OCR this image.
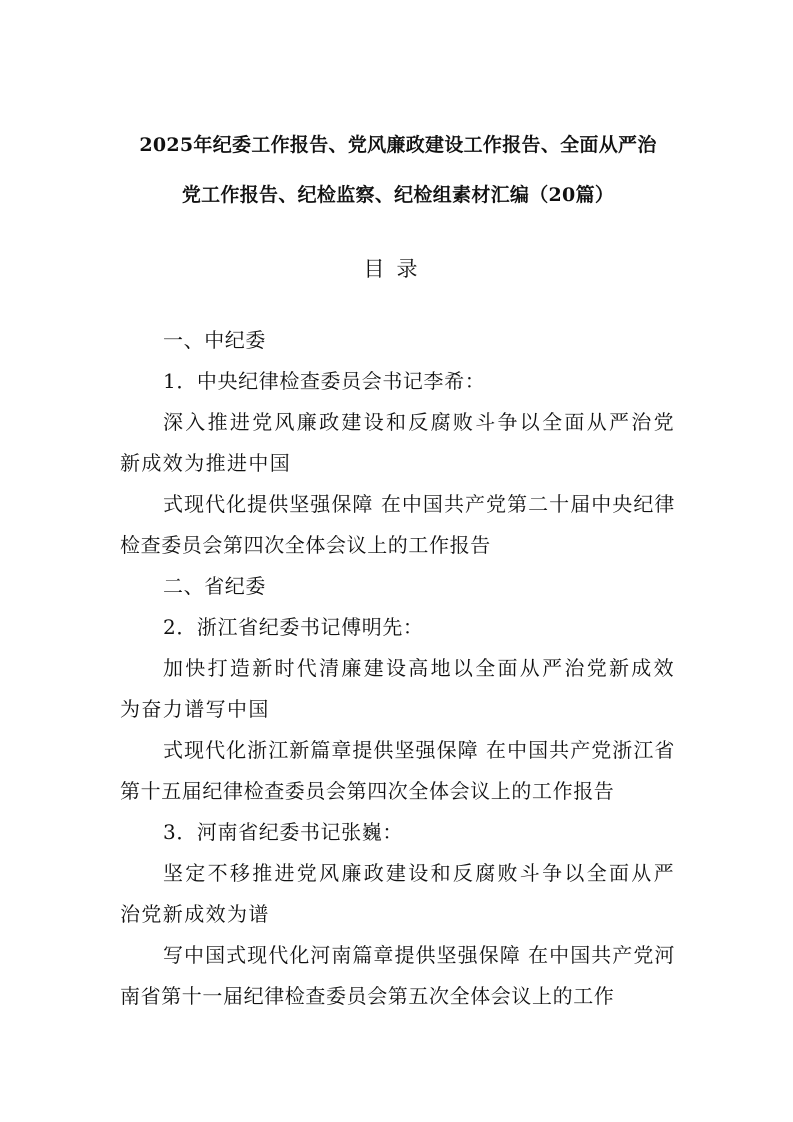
2025年纪委工作报告、党风廉政建设工作报告、全面从严治
党工作报告、纪检监察、纪检组素材汇编（20篇）
目录

一、中纪委

1．中央纪律检查委员会书记李希：

深入推进党风廉政建设和反腐败斗争以全面从严治党新成效为推进中国

式现代化提供坚强保障 在中国共产党第二十届中央纪律检查委员会第四次全体会议上的工作报告

二、省纪委

2．浙江省纪委书记傅明先：

加快打造新时代清廉建设高地以全面从严治党新成效为奋力谱写中国

式现代化浙江新篇章提供坚强保障 在中国共产党浙江省第十五届纪律检查委员会第四次全体会议上的工作报告

3．河南省纪委书记张巍：

坚定不移推进党风廉政建设和反腐败斗争以全面从严治党新成效为谱

写中国式现代化河南篇章提供坚强保障 在中国共产党河南省第十一届纪律检查委员会第五次全体会议上的工作
